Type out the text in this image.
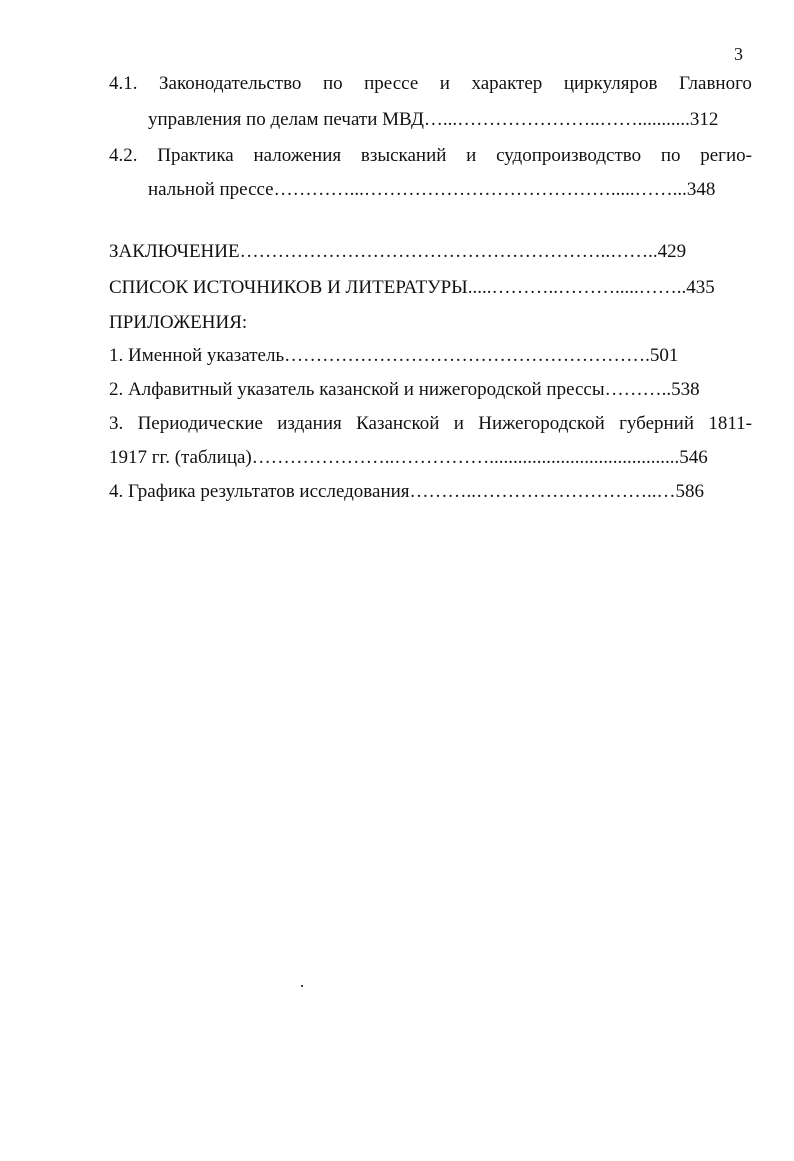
3
4.1. Законодательство по прессе и характер циркуляров Главного
управления по делам печати МВД…...…………………..……...........312
4.2. Практика наложения взысканий и судопроизводство по регио-
нальной прессе…………...………………………………….....……...348
ЗАКЛЮЧЕНИЕ…………………………………………………..……..429
СПИСОК ИСТОЧНИКОВ И ЛИТЕРАТУРЫ.....………..……….....……..435
ПРИЛОЖЕНИЯ:
1. Именной указатель………………………………………………….501
2. Алфавитный указатель казанской и нижегородской прессы………..538
3. Периодические издания Казанской и Нижегородской губерний 1811-
1917 гг. (таблица)…………………..……………........................................546
4. Графика результатов исследования………..………………………..…586
